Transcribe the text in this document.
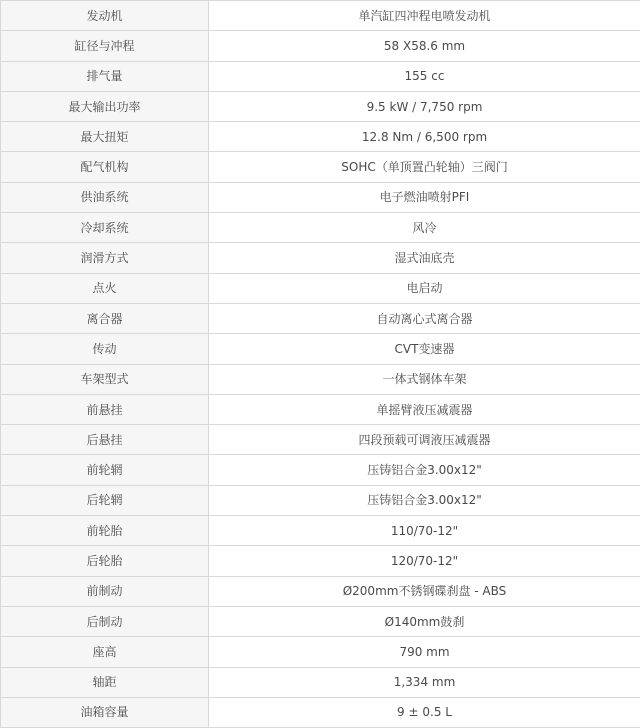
发动机	单汽缸四冲程电喷发动机
缸径与冲程	58 X58.6 mm
排气量	155 cc
最大输出功率	9.5 kW / 7,750 rpm
最大扭矩	12.8 Nm / 6,500 rpm
配气机构	SOHC（单顶置凸轮轴）三阀门
供油系统	电子燃油喷射PFI
冷却系统	风冷
润滑方式	湿式油底壳
点火	电启动
离合器	自动离心式离合器
传动	CVT变速器
车架型式	一体式钢体车架
前悬挂	单摇臂液压减震器
后悬挂	四段预载可调液压减震器
前轮辋	压铸铝合金3.00x12"
后轮辋	压铸铝合金3.00x12"
前轮胎	110/70-12"
后轮胎	120/70-12"
前制动	Ø200mm不锈钢碟刹盘 - ABS
后制动	Ø140mm鼓刹
座高	790 mm
轴距	1,334 mm
油箱容量	9 ± 0.5 L
